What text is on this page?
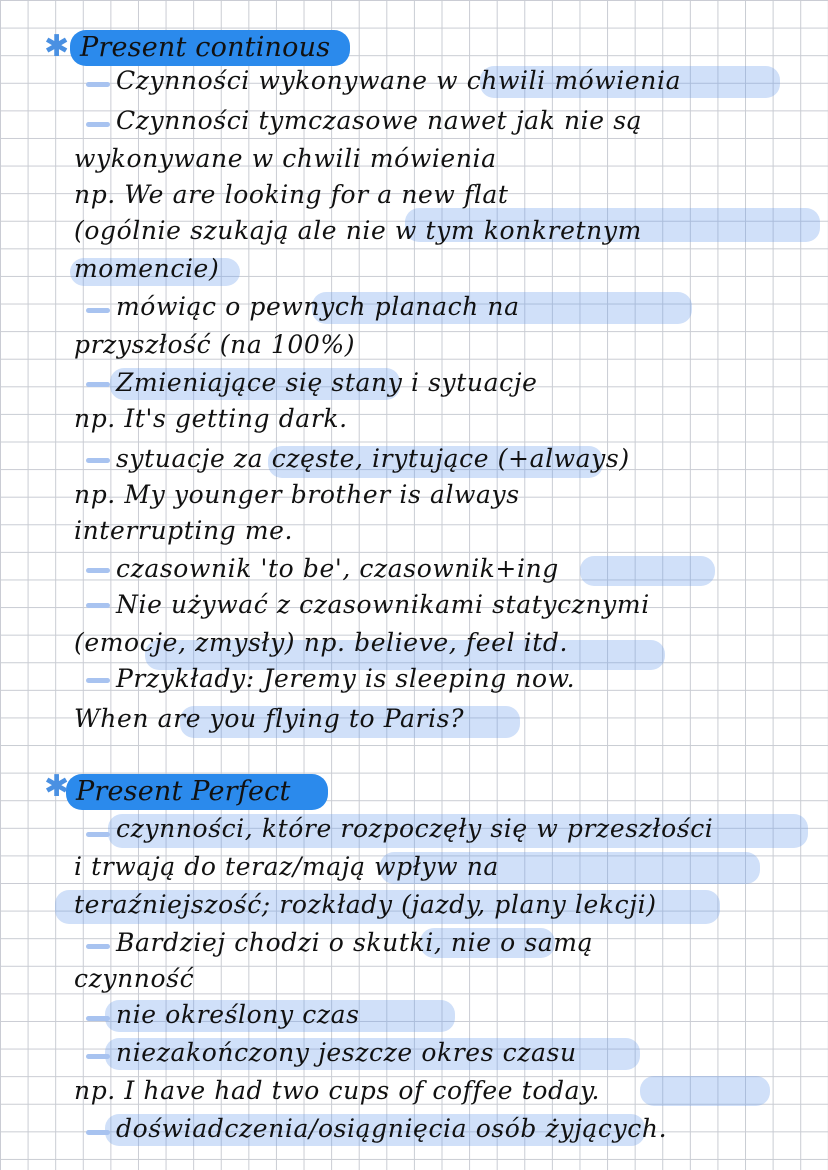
✱ Present continous
Czynności wykonywane w chwili mówienia
Czynności tymczasowe nawet jak nie są
wykonywane w chwili mówienia
np. We are looking for a new flat
(ogólnie szukają ale nie w tym konkretnym
momencie)
mówiąc o pewnych planach na
przyszłość (na 100%)
Zmieniające się stany i sytuacje
np. It's getting dark.
sytuacje za częste, irytujące (+always)
np. My younger brother is always
interrupting me.
czasownik 'to be', czasownik+ing
Nie używać z czasownikami statycznymi
(emocje, zmysły) np. believe, feel itd.
Przykłady: Jeremy is sleeping now.
When are you flying to Paris?
✱ Present Perfect
czynności, które rozpoczęły się w przeszłości
i trwają do teraz/mają wpływ na
teraźniejszość; rozkłady (jazdy, plany lekcji)
Bardziej chodzi o skutki, nie o samą
czynność
nie określony czas
niezakończony jeszcze okres czasu
np. I have had two cups of coffee today.
doświadczenia/osiągnięcia osób żyjących.
